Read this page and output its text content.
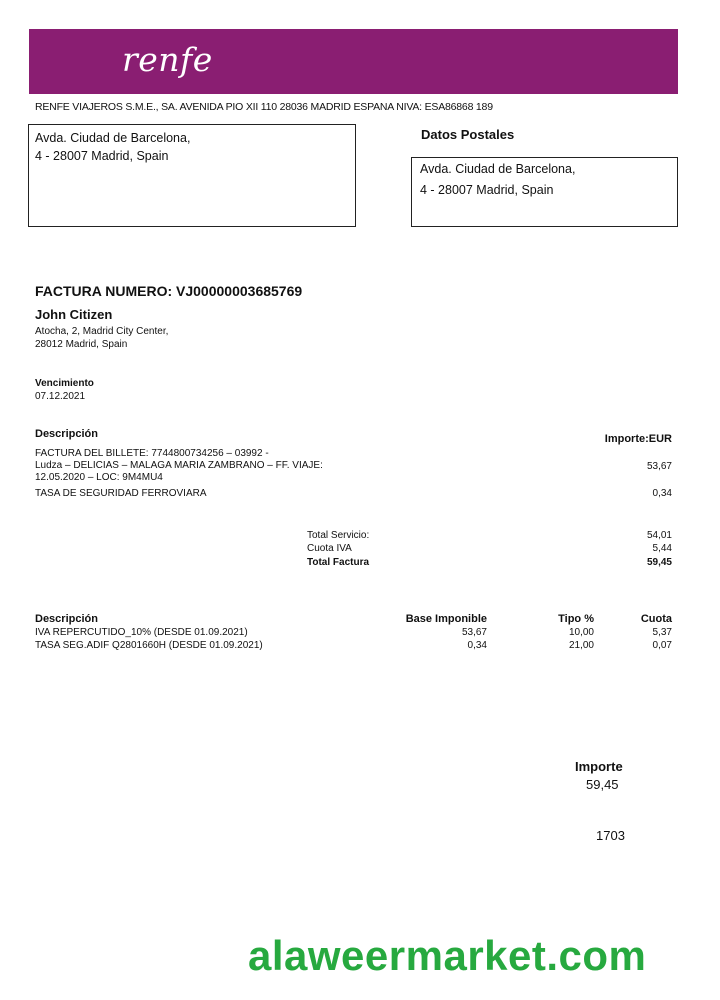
renfe
RENFE VIAJEROS S.M.E., SA. AVENIDA PIO XII 110 28036 MADRID ESPANA NIVA: ESA86868 189
Avda. Ciudad de Barcelona,
4 - 28007 Madrid, Spain
Datos Postales
Avda. Ciudad de Barcelona,
4 - 28007 Madrid, Spain
FACTURA NUMERO: VJ00000003685769
John Citizen
Atocha, 2, Madrid City Center,
28012 Madrid, Spain
Vencimiento
07.12.2021
Descripción	Importe:EUR
FACTURA DEL BILLETE: 7744800734256 – 03992 -
Ludza – DELICIAS – MALAGA MARIA ZAMBRANO – FF. VIAJE:
12.05.2020 – LOC: 9M4MU4
53,67
TASA DE SEGURIDAD FERROVIARA	0,34
Total Servicio:	54,01
Cuota IVA	5,44
Total Factura	59,45
Descripción	Base Imponible	Tipo %	Cuota
IVA REPERCUTIDO_10% (DESDE 01.09.2021)	53,67	10,00	5,37
TASA SEG.ADIF Q2801660H (DESDE 01.09.2021)	0,34	21,00	0,07
Importe
59,45
1703
alaweermarket.com
